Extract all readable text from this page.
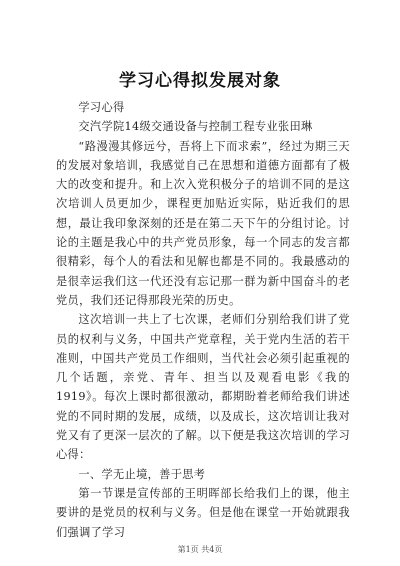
学习心得拟发展对象

学习心得

交汽学院14级交通设备与控制工程专业张田琳

“路漫漫其修远兮，吾将上下而求索”，经过为期三天的发展对象培训，我感觉自己在思想和道德方面都有了极大的改变和提升。和上次入党积极分子的培训不同的是这次培训人员更加少，课程更加贴近实际，贴近我们的思想，最让我印象深刻的还是在第二天下午的分组讨论。讨论的主题是我心中的共产党员形象，每一个同志的发言都很精彩，每个人的看法和见解也都是不同的。我最感动的是很幸运我们这一代还没有忘记那一群为新中国奋斗的老党员，我们还记得那段光荣的历史。

这次培训一共上了七次课，老师们分别给我们讲了党员的权利与义务，中国共产党章程，关于党内生活的若干准则，中国共产党员工作细则，当代社会必须引起重视的几个话题，亲党、青年、担当以及观看电影《我的1919》。每次上课时都很激动，都期盼着老师给我们讲述党的不同时期的发展，成绩，以及成长，这次培训让我对党又有了更深一层次的了解。以下便是我这次培训的学习心得：

一、学无止境，善于思考

第一节课是宣传部的王明晖部长给我们上的课，他主要讲的是党员的权利与义务。但是他在课堂一开始就跟我们强调了学习

第1页 共4页
